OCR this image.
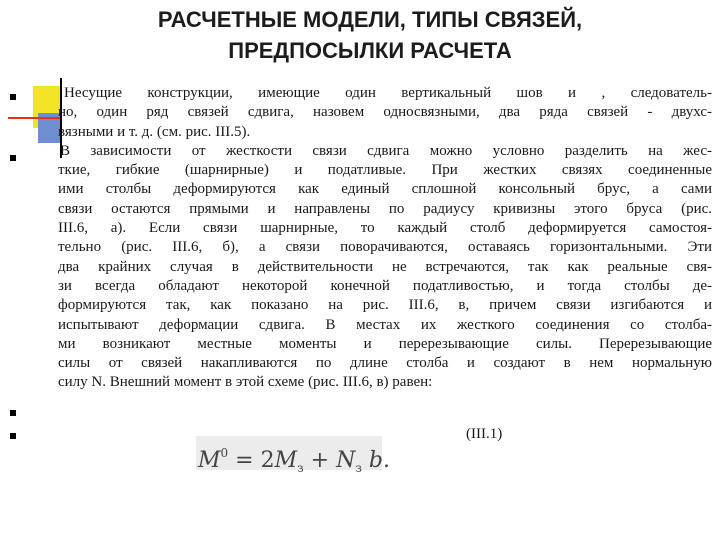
РАСЧЕТНЫЕ МОДЕЛИ, ТИПЫ СВЯЗЕЙ,
ПРЕДПОСЫЛКИ РАСЧЕТА
Несущие конструкции, имеющие один вертикальный шов и , следователь-
но, один ряд связей сдвига, назовем односвязными, два ряда связей - двухс-
вязными и т. д. (см. рис. III.5).
В зависимости от жесткости связи сдвига можно условно разделить на жес-
ткие, гибкие (шарнирные) и податливые. При жестких связях соединенные
ими столбы деформируются как единый сплошной консольный брус, а сами
связи остаются прямыми и направлены по радиусу кривизны этого бруса (рис.
III.6, а). Если связи шарнирные, то каждый столб деформируется самостоя-
тельно (рис. III.6, б), а связи поворачиваются, оставаясь горизонтальными. Эти
два крайних случая в действительности не встречаются, так как реальные свя-
зи всегда обладают некоторой конечной податливостью, и тогда столбы де-
формируются так, как показано на рис. III.6, в, причем связи изгибаются и
испытывают деформации сдвига. В местах их жесткого соединения со столба-
ми возникают местные моменты и перерезывающие силы. Перерезывающие
силы от связей накапливаются по длине столба и создают в нем нормальную
силу N. Внешний момент в этой схеме (рис. III.6, в) равен:
$M^0 = 2M_з + N_з$ b.
(III.1)
